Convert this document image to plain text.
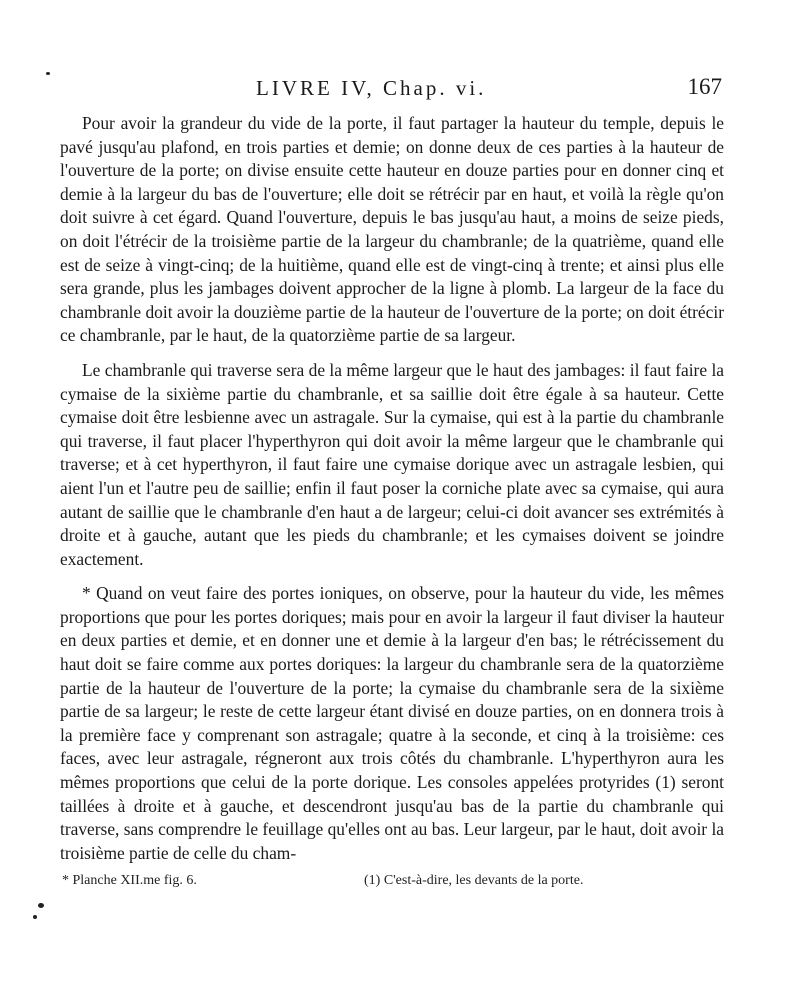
LIVRE IV, Chap. vi.	167

Pour avoir la grandeur du vide de la porte, il faut partager la hauteur du temple, depuis le pavé jusqu'au plafond, en trois parties et demie; on donne deux de ces parties à la hauteur de l'ouverture de la porte; on divise ensuite cette hauteur en douze parties pour en donner cinq et demie à la largeur du bas de l'ouverture; elle doit se rétrécir par en haut, et voilà la règle qu'on doit suivre à cet égard. Quand l'ouverture, depuis le bas jusqu'au haut, a moins de seize pieds, on doit l'étrécir de la troisième partie de la largeur du chambranle; de la quatrième, quand elle est de seize à vingt-cinq; de la huitième, quand elle est de vingt-cinq à trente; et ainsi plus elle sera grande, plus les jambages doivent approcher de la ligne à plomb. La largeur de la face du chambranle doit avoir la douzième partie de la hauteur de l'ouverture de la porte; on doit étrécir ce chambranle, par le haut, de la quatorzième partie de sa largeur.

Le chambranle qui traverse sera de la même largeur que le haut des jambages: il faut faire la cymaise de la sixième partie du chambranle, et sa saillie doit être égale à sa hauteur. Cette cymaise doit être lesbienne avec un astragale. Sur la cymaise, qui est à la partie du chambranle qui traverse, il faut placer l'hyperthyron qui doit avoir la même largeur que le chambranle qui traverse; et à cet hyperthyron, il faut faire une cymaise dorique avec un astragale lesbien, qui aient l'un et l'autre peu de saillie; enfin il faut poser la corniche plate avec sa cymaise, qui aura autant de saillie que le chambranle d'en haut a de largeur; celui-ci doit avancer ses extrémités à droite et à gauche, autant que les pieds du chambranle; et les cymaises doivent se joindre exactement.

* Quand on veut faire des portes ioniques, on observe, pour la hauteur du vide, les mêmes proportions que pour les portes doriques; mais pour en avoir la largeur il faut diviser la hauteur en deux parties et demie, et en donner une et demie à la largeur d'en bas; le rétrécissement du haut doit se faire comme aux portes doriques: la largeur du chambranle sera de la quatorzième partie de la hauteur de l'ouverture de la porte; la cymaise du chambranle sera de la sixième partie de sa largeur; le reste de cette largeur étant divisé en douze parties, on en donnera trois à la première face y comprenant son astragale; quatre à la seconde, et cinq à la troisième: ces faces, avec leur astragale, régneront aux trois côtés du chambranle. L'hyperthyron aura les mêmes proportions que celui de la porte dorique. Les consoles appelées protyrides (1) seront taillées à droite et à gauche, et descendront jusqu'au bas de la partie du chambranle qui traverse, sans comprendre le feuillage qu'elles ont au bas. Leur largeur, par le haut, doit avoir la troisième partie de celle du cham-

* Planche XII.me fig. 6.	(1) C'est-à-dire, les devants de la porte.
